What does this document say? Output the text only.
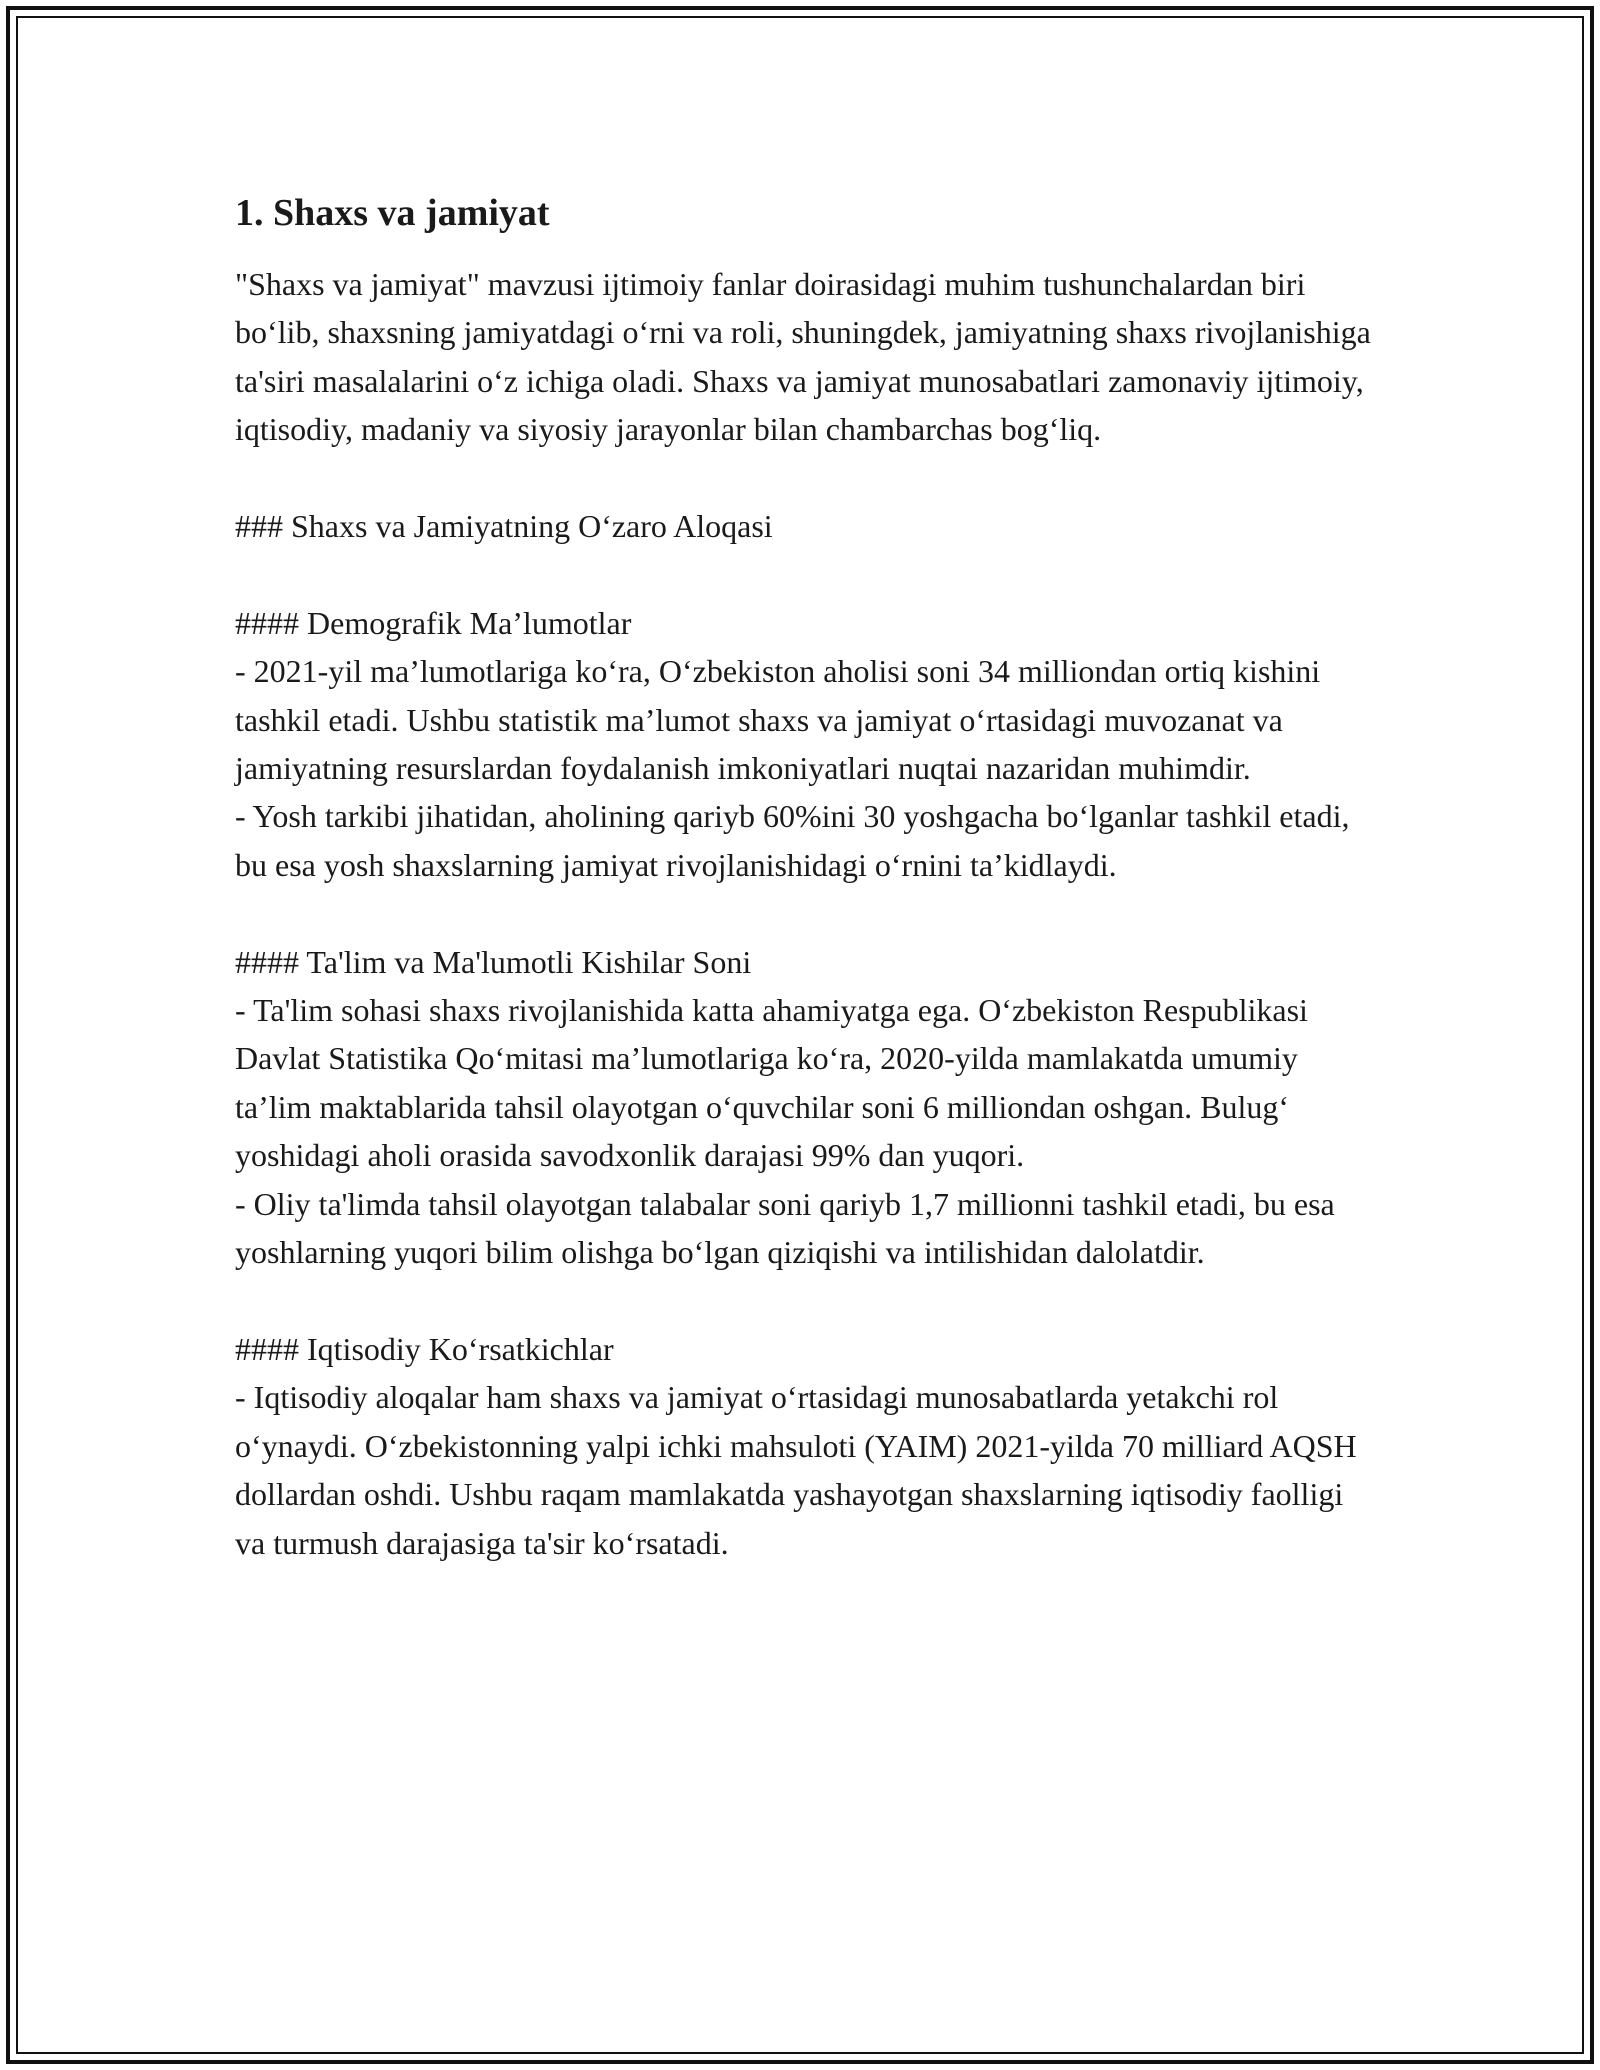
1. Shaxs va jamiyat

"Shaxs va jamiyat" mavzusi ijtimoiy fanlar doirasidagi muhim tushunchalardan biri bo‘lib, shaxsning jamiyatdagi o‘rni va roli, shuningdek, jamiyatning shaxs rivojlanishiga ta'siri masalalarini o‘z ichiga oladi. Shaxs va jamiyat munosabatlari zamonaviy ijtimoiy, iqtisodiy, madaniy va siyosiy jarayonlar bilan chambarchas bog‘liq.

### Shaxs va Jamiyatning O‘zaro Aloqasi

#### Demografik Ma’lumotlar

- 2021-yil ma’lumotlariga ko‘ra, O‘zbekiston aholisi soni 34 milliondan ortiq kishini tashkil etadi. Ushbu statistik ma’lumot shaxs va jamiyat o‘rtasidagi muvozanat va jamiyatning resurslardan foydalanish imkoniyatlari nuqtai nazaridan muhimdir.

- Yosh tarkibi jihatidan, aholining qariyb 60%ini 30 yoshgacha bo‘lganlar tashkil etadi, bu esa yosh shaxslarning jamiyat rivojlanishidagi o‘rnini ta’kidlaydi.

#### Ta'lim va Ma'lumotli Kishilar Soni

- Ta'lim sohasi shaxs rivojlanishida katta ahamiyatga ega. O‘zbekiston Respublikasi Davlat Statistika Qo‘mitasi ma’lumotlariga ko‘ra, 2020-yilda mamlakatda umumiy ta’lim maktablarida tahsil olayotgan o‘quvchilar soni 6 milliondan oshgan. Bulug‘ yoshidagi aholi orasida savodxonlik darajasi 99% dan yuqori.

- Oliy ta'limda tahsil olayotgan talabalar soni qariyb 1,7 millionni tashkil etadi, bu esa yoshlarning yuqori bilim olishga bo‘lgan qiziqishi va intilishidan dalolatdir.

#### Iqtisodiy Ko‘rsatkichlar

- Iqtisodiy aloqalar ham shaxs va jamiyat o‘rtasidagi munosabatlarda yetakchi rol o‘ynaydi. O‘zbekistonning yalpi ichki mahsuloti (YAIM) 2021-yilda 70 milliard AQSH dollardan oshdi. Ushbu raqam mamlakatda yashayotgan shaxslarning iqtisodiy faolligi va turmush darajasiga ta'sir ko‘rsatadi.
